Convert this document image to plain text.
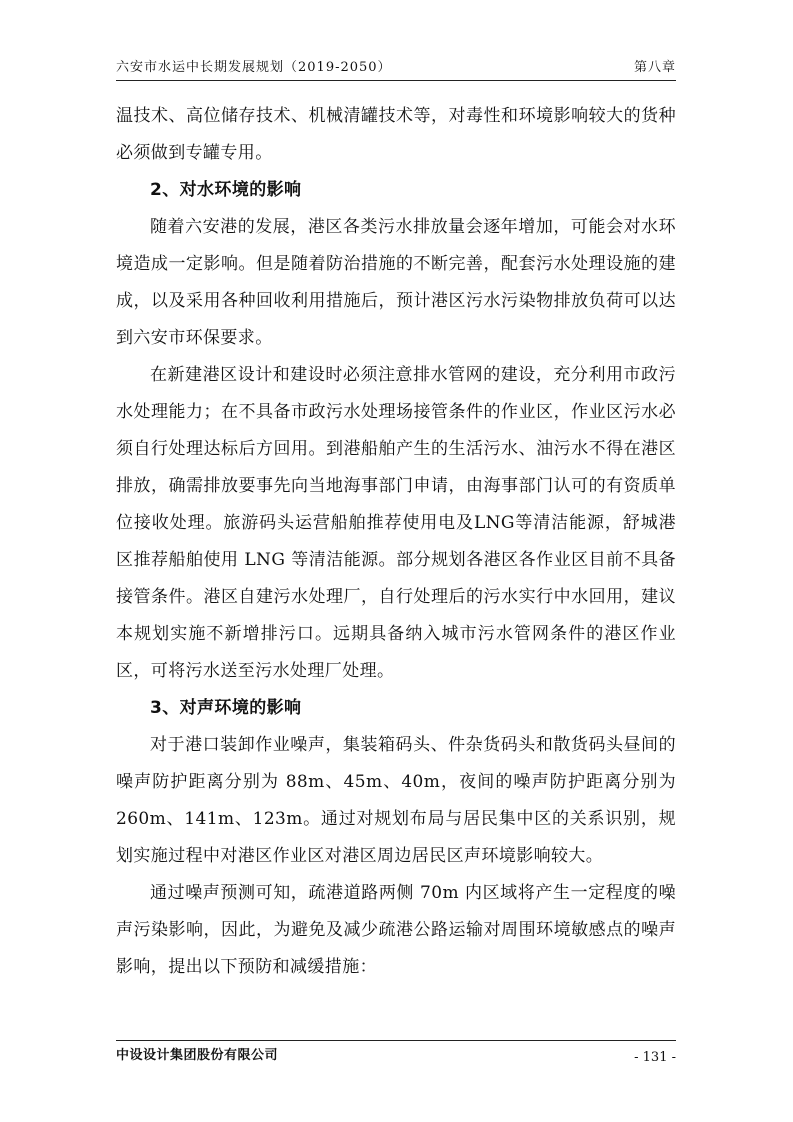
六安市水运中长期发展规划（2019-2050）	第八章

温技术、高位储存技术、机械清罐技术等，对毒性和环境影响较大的货种必须做到专罐专用。

2、对水环境的影响

随着六安港的发展，港区各类污水排放量会逐年增加，可能会对水环境造成一定影响。但是随着防治措施的不断完善，配套污水处理设施的建成，以及采用各种回收利用措施后，预计港区污水污染物排放负荷可以达到六安市环保要求。

在新建港区设计和建设时必须注意排水管网的建设，充分利用市政污水处理能力；在不具备市政污水处理场接管条件的作业区，作业区污水必须自行处理达标后方回用。到港船舶产生的生活污水、油污水不得在港区排放，确需排放要事先向当地海事部门申请，由海事部门认可的有资质单位接收处理。旅游码头运营船舶推荐使用电及LNG等清洁能源，舒城港区推荐船舶使用 LNG 等清洁能源。部分规划各港区各作业区目前不具备接管条件。港区自建污水处理厂，自行处理后的污水实行中水回用，建议本规划实施不新增排污口。远期具备纳入城市污水管网条件的港区作业区，可将污水送至污水处理厂处理。

3、对声环境的影响

对于港口装卸作业噪声，集装箱码头、件杂货码头和散货码头昼间的噪声防护距离分别为 88m、45m、40m，夜间的噪声防护距离分别为 260m、141m、123m。通过对规划布局与居民集中区的关系识别，规划实施过程中对港区作业区对港区周边居民区声环境影响较大。

通过噪声预测可知，疏港道路两侧 70m 内区域将产生一定程度的噪声污染影响，因此，为避免及减少疏港公路运输对周围环境敏感点的噪声影响，提出以下预防和减缓措施：

中设设计集团股份有限公司	- 131 -
